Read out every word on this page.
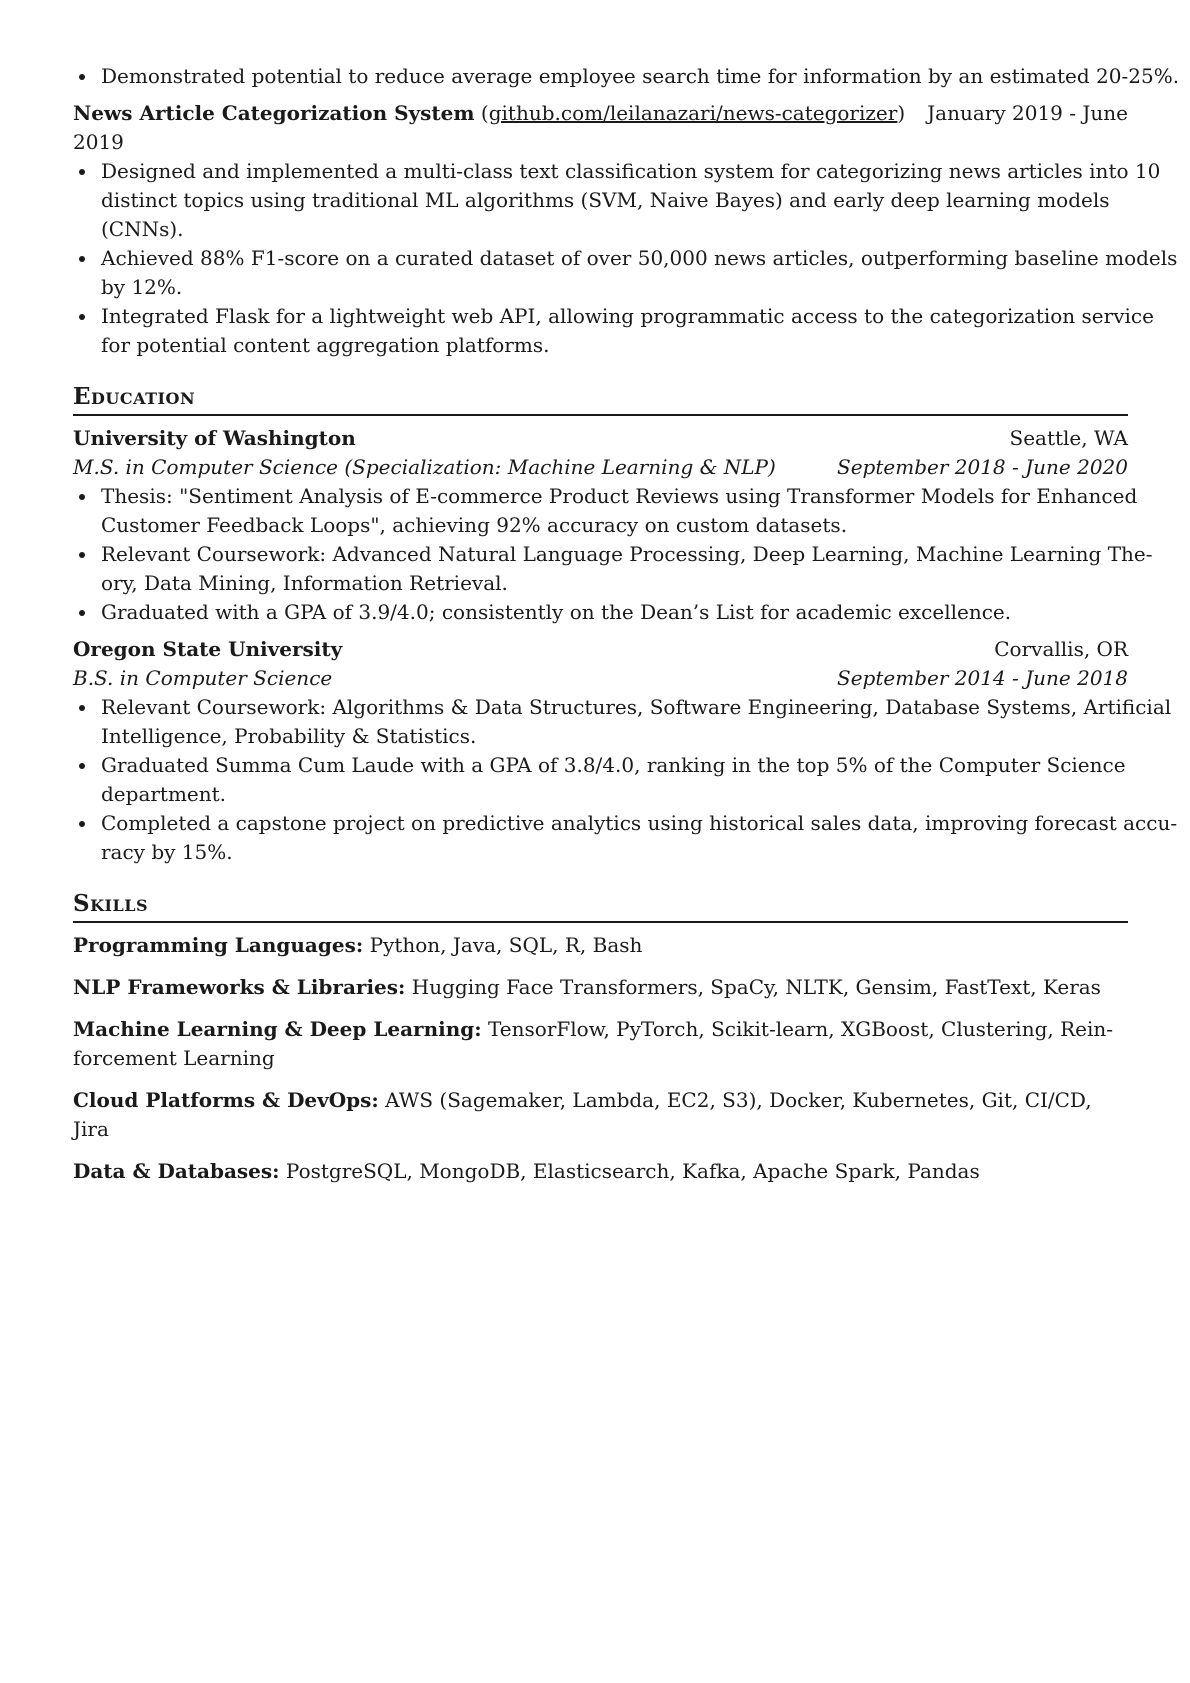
Demonstrated potential to reduce average employee search time for information by an estimated 20-25%.
News Article Categorization System (github.com/leilanazari/news-categorizer) January 2019 - June
2019
Designed and implemented a multi-class text classification system for categorizing news articles into 10
distinct topics using traditional ML algorithms (SVM, Naive Bayes) and early deep learning models
(CNNs).
Achieved 88% F1-score on a curated dataset of over 50,000 news articles, outperforming baseline models
by 12%.
Integrated Flask for a lightweight web API, allowing programmatic access to the categorization service
for potential content aggregation platforms.
Education
University of Washington	Seattle, WA
M.S. in Computer Science (Specialization: Machine Learning & NLP)	September 2018 - June 2020
Thesis: "Sentiment Analysis of E-commerce Product Reviews using Transformer Models for Enhanced
Customer Feedback Loops", achieving 92% accuracy on custom datasets.
Relevant Coursework: Advanced Natural Language Processing, Deep Learning, Machine Learning The-
ory, Data Mining, Information Retrieval.
Graduated with a GPA of 3.9/4.0; consistently on the Dean’s List for academic excellence.
Oregon State University	Corvallis, OR
B.S. in Computer Science	September 2014 - June 2018
Relevant Coursework: Algorithms & Data Structures, Software Engineering, Database Systems, Artificial
Intelligence, Probability & Statistics.
Graduated Summa Cum Laude with a GPA of 3.8/4.0, ranking in the top 5% of the Computer Science
department.
Completed a capstone project on predictive analytics using historical sales data, improving forecast accu-
racy by 15%.
Skills
Programming Languages: Python, Java, SQL, R, Bash
NLP Frameworks & Libraries: Hugging Face Transformers, SpaCy, NLTK, Gensim, FastText, Keras
Machine Learning & Deep Learning: TensorFlow, PyTorch, Scikit-learn, XGBoost, Clustering, Rein-
forcement Learning
Cloud Platforms & DevOps: AWS (Sagemaker, Lambda, EC2, S3), Docker, Kubernetes, Git, CI/CD,
Jira
Data & Databases: PostgreSQL, MongoDB, Elasticsearch, Kafka, Apache Spark, Pandas
